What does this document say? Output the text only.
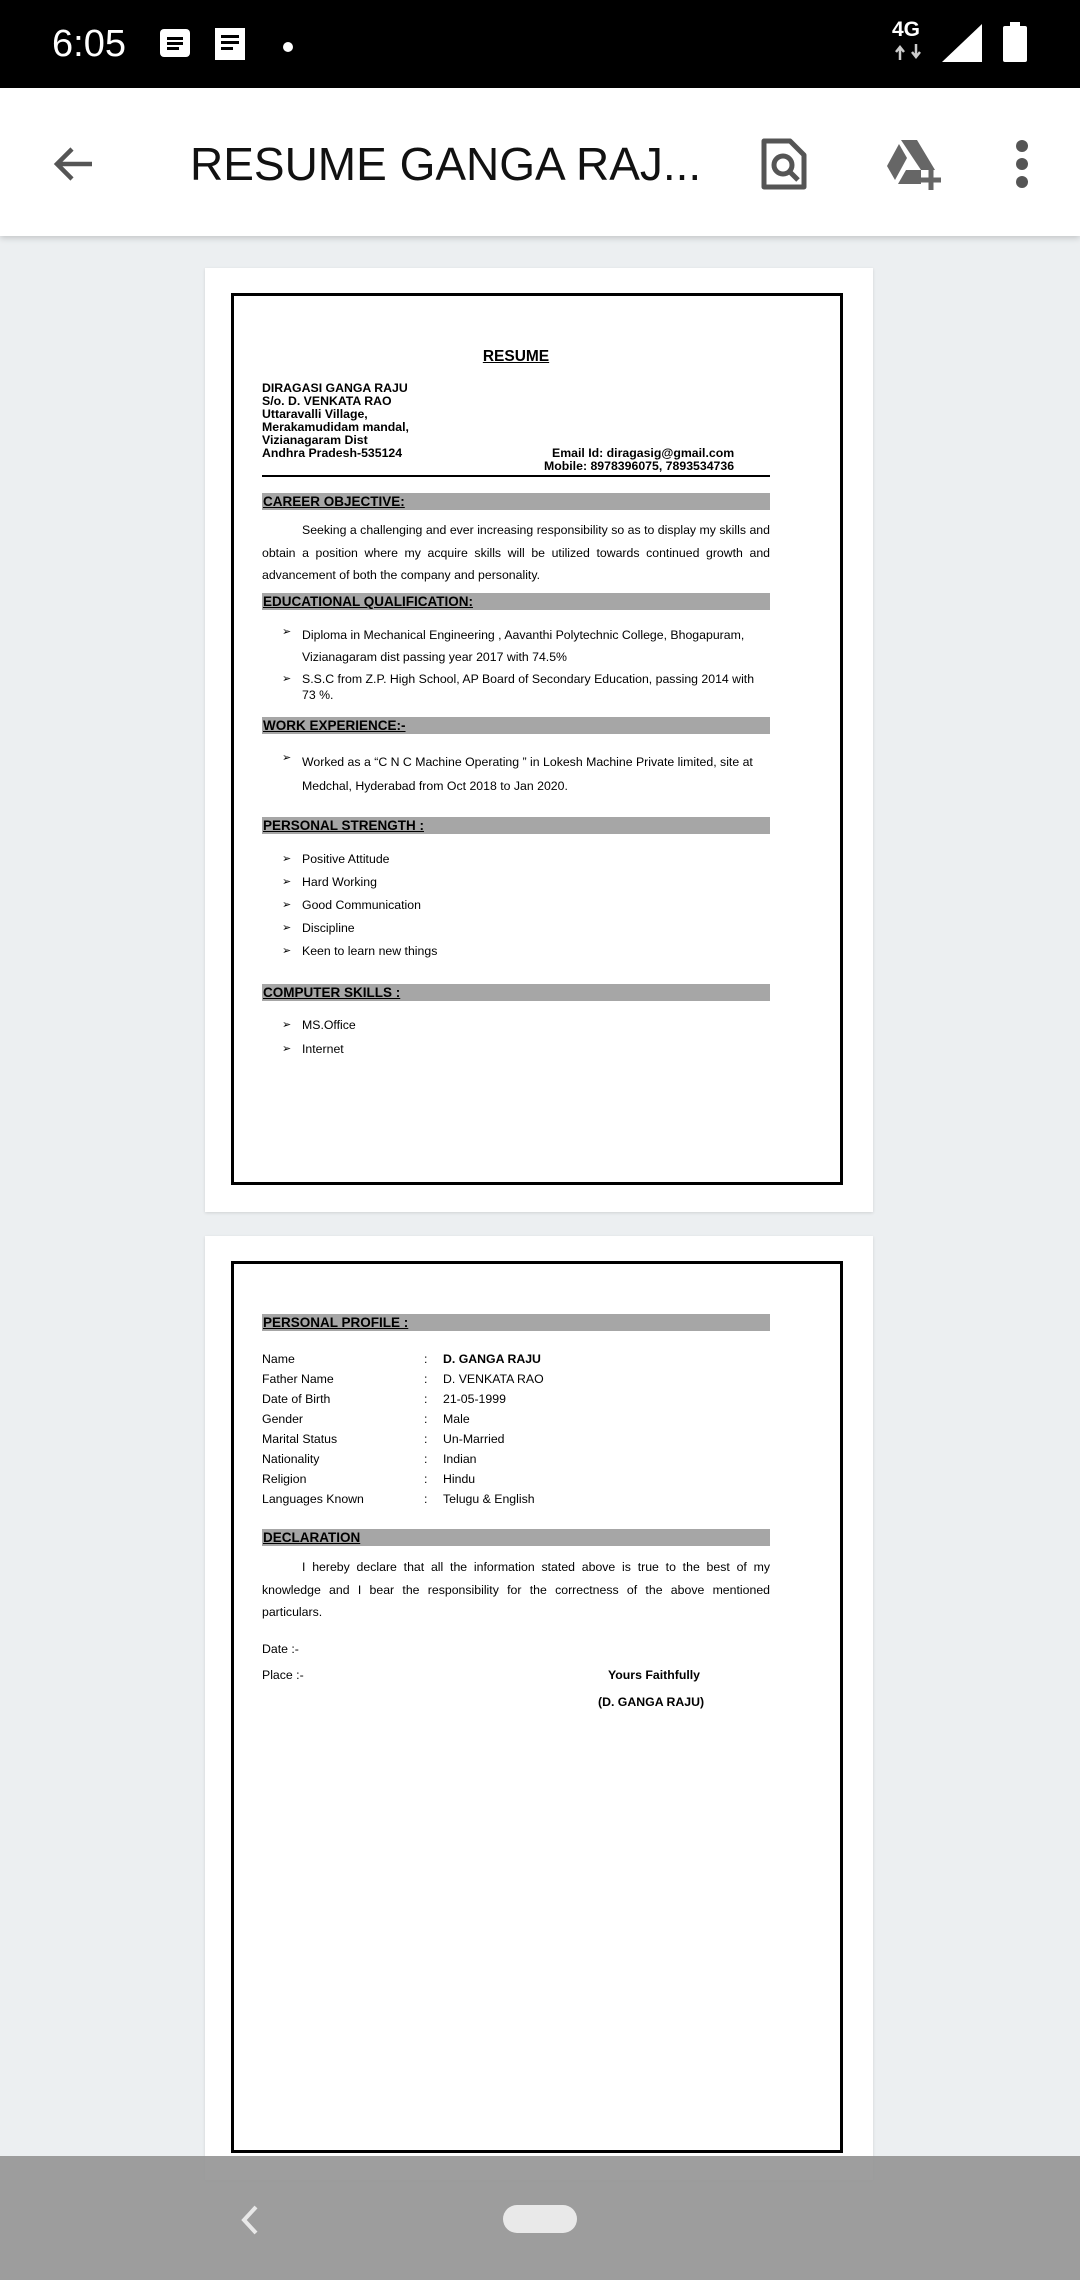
6:05	4G
RESUME GANGA RAJ...
RESUME
DIRAGASI GANGA RAJU
S/o. D. VENKATA RAO
Uttaravalli Village,
Merakamudidam mandal,
Vizianagaram Dist
Andhra Pradesh-535124	Email Id: diragasig@gmail.com
Mobile: 8978396075, 7893534736
CAREER OBJECTIVE:
Seeking a challenging and ever increasing responsibility so as to display my skills and obtain a position where my acquire skills will be utilized towards continued growth and advancement of both the company and personality.
EDUCATIONAL QUALIFICATION:
➢ Diploma in Mechanical Engineering , Aavanthi Polytechnic College, Bhogapuram, Vizianagaram dist passing year 2017 with 74.5%
➢ S.S.C from Z.P. High School, AP Board of Secondary Education, passing 2014 with 73 %.
WORK EXPERIENCE:-
➢ Worked as a “C N C Machine Operating ” in Lokesh Machine Private limited, site at Medchal, Hyderabad from Oct 2018 to Jan 2020.
PERSONAL STRENGTH :
➢ Positive Attitude
➢ Hard Working
➢ Good Communication
➢ Discipline
➢ Keen to learn new things
COMPUTER SKILLS :
➢ MS.Office
➢ Internet
PERSONAL PROFILE :
Name	: D. GANGA RAJU
Father Name	: D. VENKATA RAO
Date of Birth	: 21-05-1999
Gender	: Male
Marital Status	: Un-Married
Nationality	: Indian
Religion	: Hindu
Languages Known	: Telugu & English
DECLARATION
I hereby declare that all the information stated above is true to the best of my knowledge and I bear the responsibility for the correctness of the above mentioned particulars.
Date :-
Place :-	Yours Faithfully
(D. GANGA RAJU)
